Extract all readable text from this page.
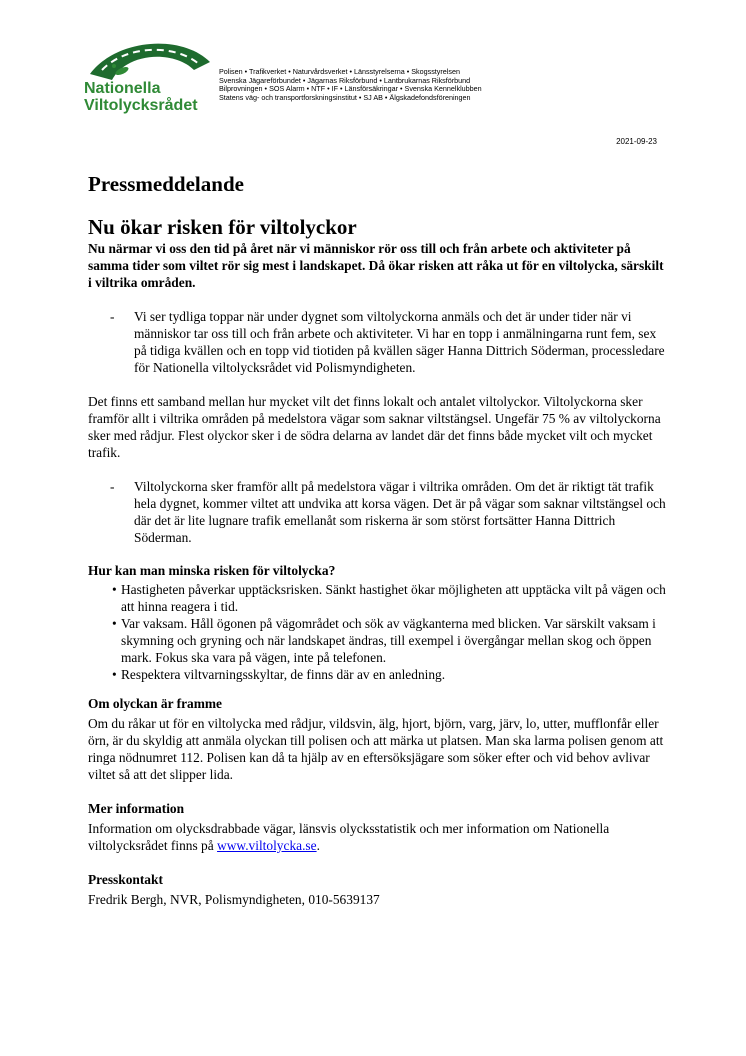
Nationella
Viltolycksrådet
Polisen • Trafikverket • Naturvårdsverket • Länsstyrelserna • Skogsstyrelsen
Svenska Jägareförbundet • Jägarnas Riksförbund • Lantbrukarnas Riksförbund
Bilprovningen • SOS Alarm • NTF • IF • Länsförsäkringar • Svenska Kennelklubben
Statens väg- och transportforskningsinstitut • SJ AB • Älgskadefondsföreningen
2021-09-23
Pressmeddelande
Nu ökar risken för viltolyckor

Nu närmar vi oss den tid på året när vi människor rör oss till och från arbete och aktiviteter på samma tider som viltet rör sig mest i landskapet. Då ökar risken att råka ut för en viltolycka, särskilt i viltrika områden.

- Vi ser tydliga toppar när under dygnet som viltolyckorna anmäls och det är under tider när vi människor tar oss till och från arbete och aktiviteter. Vi har en topp i anmälningarna runt fem, sex på tidiga kvällen och en topp vid tiotiden på kvällen säger Hanna Dittrich Söderman, processledare för Nationella viltolycksrådet vid Polismyndigheten.

Det finns ett samband mellan hur mycket vilt det finns lokalt och antalet viltolyckor. Viltolyckorna sker framför allt i viltrika områden på medelstora vägar som saknar viltstängsel. Ungefär 75 % av viltolyckorna sker med rådjur. Flest olyckor sker i de södra delarna av landet där det finns både mycket vilt och mycket trafik.

- Viltolyckorna sker framför allt på medelstora vägar i viltrika områden. Om det är riktigt tät trafik hela dygnet, kommer viltet att undvika att korsa vägen. Det är på vägar som saknar viltstängsel och där det är lite lugnare trafik emellanåt som riskerna är som störst fortsätter Hanna Dittrich Söderman.
Hur kan man minska risken för viltolycka?
• Hastigheten påverkar upptäcksrisken. Sänkt hastighet ökar möjligheten att upptäcka vilt på vägen och att hinna reagera i tid.
• Var vaksam. Håll ögonen på vägområdet och sök av vägkanterna med blicken. Var särskilt vaksam i skymning och gryning och när landskapet ändras, till exempel i övergångar mellan skog och öppen mark. Fokus ska vara på vägen, inte på telefonen.
• Respektera viltvarningsskyltar, de finns där av en anledning.
Om olyckan är framme

Om du råkar ut för en viltolycka med rådjur, vildsvin, älg, hjort, björn, varg, järv, lo, utter, mufflonfår eller örn, är du skyldig att anmäla olyckan till polisen och att märka ut platsen. Man ska larma polisen genom att ringa nödnumret 112. Polisen kan då ta hjälp av en eftersöksjägare som söker efter och vid behov avlivar viltet så att det slipper lida.

Mer information

Information om olycksdrabbade vägar, länsvis olycksstatistik och mer information om Nationella viltolycksrådet finns på www.viltolycka.se.

Presskontakt

Fredrik Bergh, NVR, Polismyndigheten, 010-5639137
